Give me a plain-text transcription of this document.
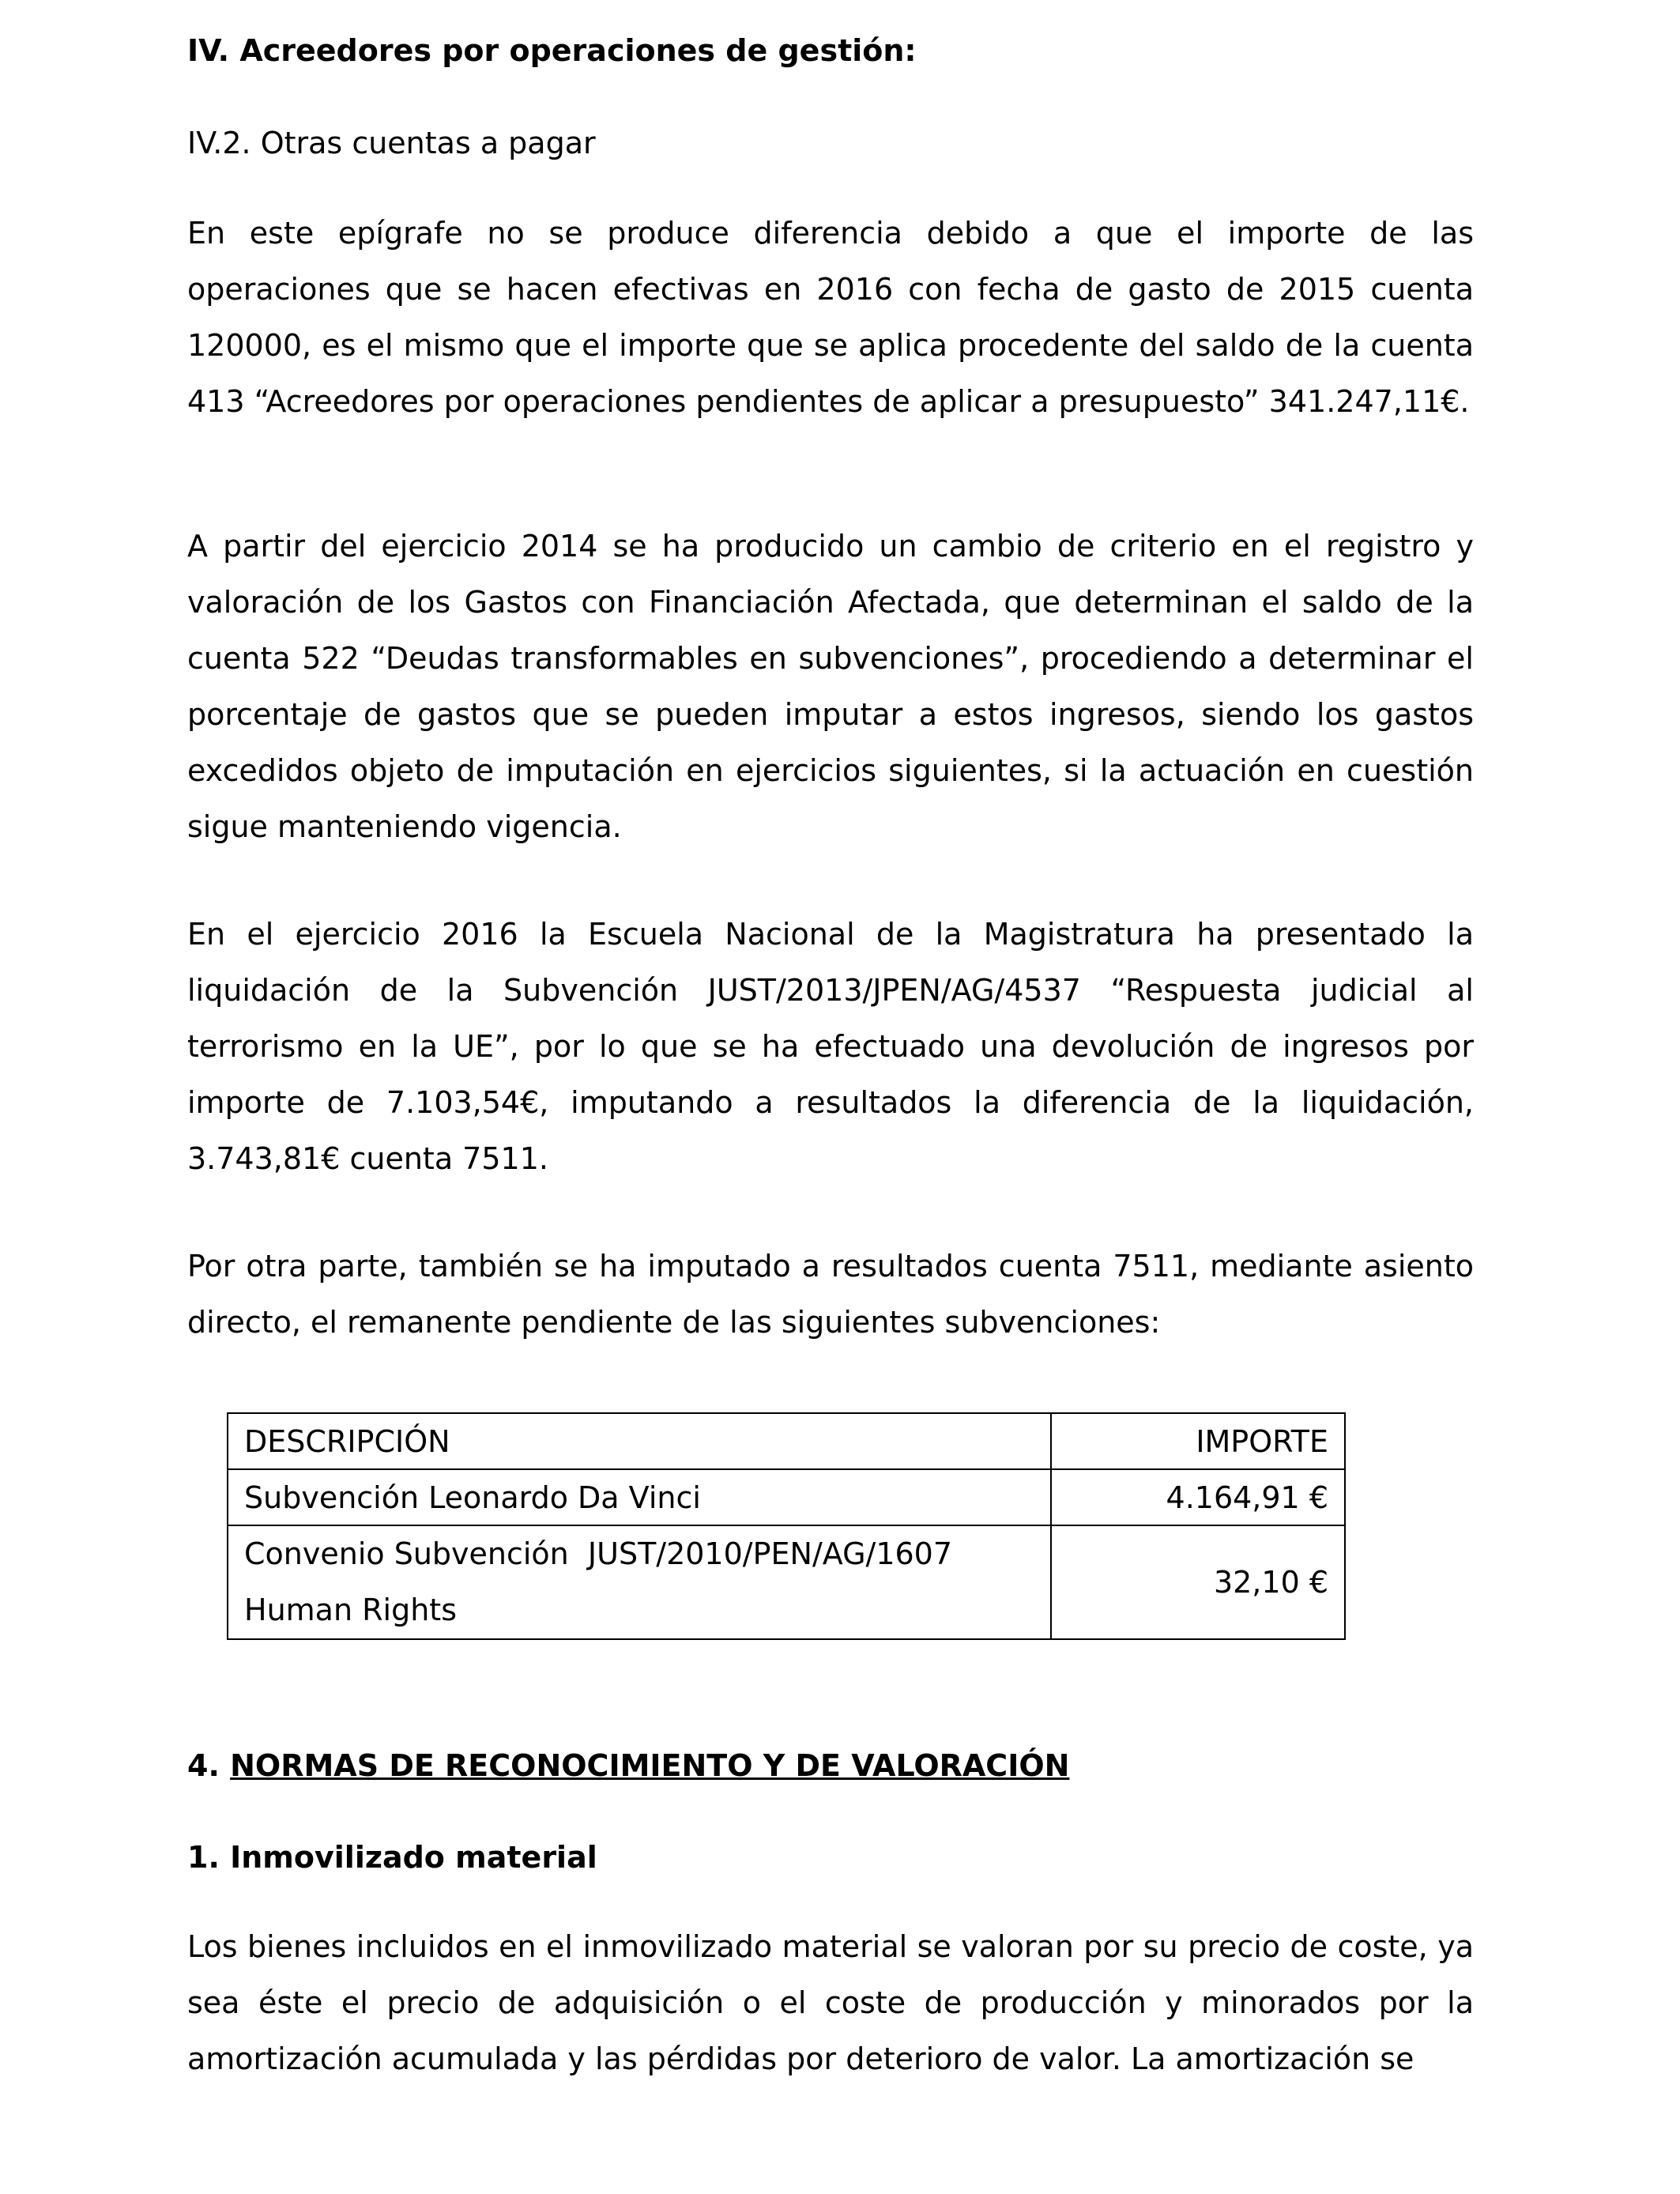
IV. Acreedores por operaciones de gestión:
IV.2. Otras cuentas a pagar

En este epígrafe no se produce diferencia debido a que el importe de las operaciones que se hacen efectivas en 2016 con fecha de gasto de 2015 cuenta 120000, es el mismo que el importe que se aplica procedente del saldo de la cuenta 413 “Acreedores por operaciones pendientes de aplicar a presupuesto” 341.247,11€.

A partir del ejercicio 2014 se ha producido un cambio de criterio en el registro y valoración de los Gastos con Financiación Afectada, que determinan el saldo de la cuenta 522 “Deudas transformables en subvenciones”, procediendo a determinar el porcentaje de gastos que se pueden imputar a estos ingresos, siendo los gastos excedidos objeto de imputación en ejercicios siguientes, si la actuación en cuestión sigue manteniendo vigencia.

En el ejercicio 2016 la Escuela Nacional de la Magistratura ha presentado la liquidación de la Subvención JUST/2013/JPEN/AG/4537 “Respuesta judicial al terrorismo en la UE”, por lo que se ha efectuado una devolución de ingresos por importe de 7.103,54€, imputando a resultados la diferencia de la liquidación, 3.743,81€ cuenta 7511.

Por otra parte, también se ha imputado a resultados cuenta 7511, mediante asiento directo, el remanente pendiente de las siguientes subvenciones:

DESCRIPCIÓN	IMPORTE
Subvención Leonardo Da Vinci	4.164,91 €

Convenio Subvención  JUST/2010/PEN/AG/1607
Human Rights	32,10 €
4. NORMAS DE RECONOCIMIENTO Y DE VALORACIÓN
1. Inmovilizado material

Los bienes incluidos en el inmovilizado material se valoran por su precio de coste, ya sea éste el precio de adquisición o el coste de producción y minorados por la amortización acumulada y las pérdidas por deterioro de valor. La amortización se
